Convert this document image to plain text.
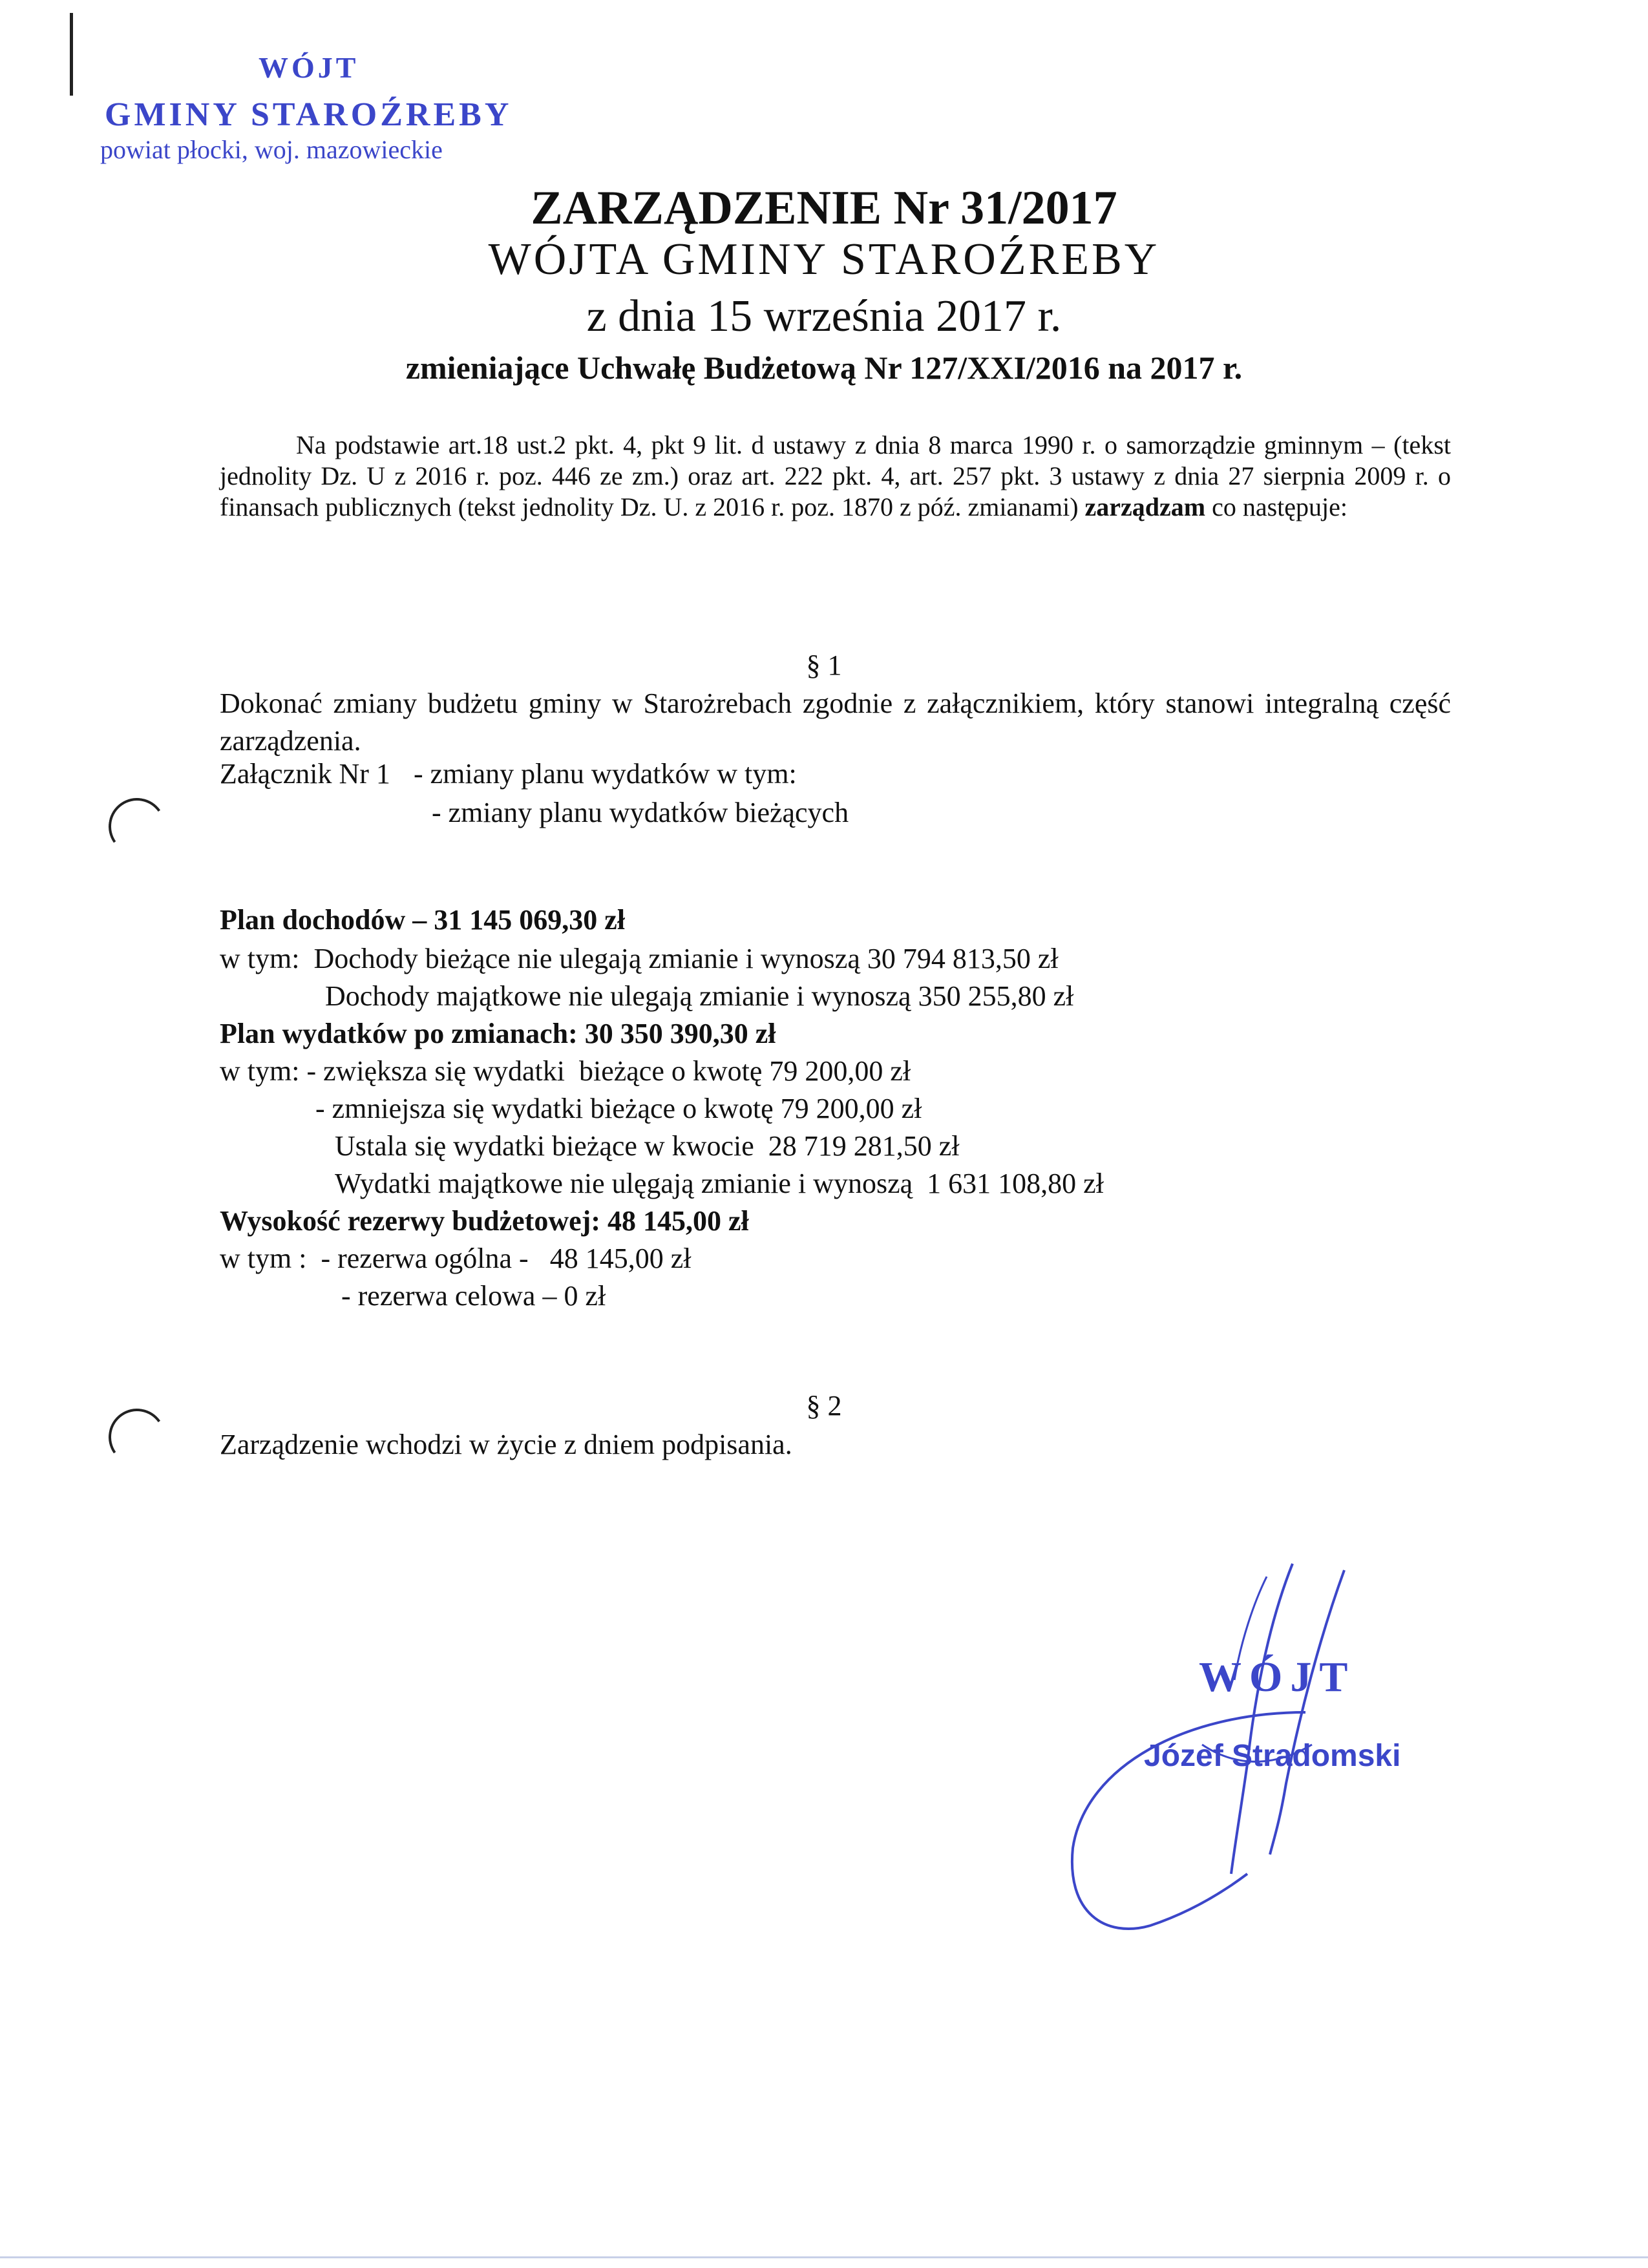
WÓJT
GMINY STAROŹREBY
powiat płocki, woj. mazowieckie
ZARZĄDZENIE Nr 31/2017
WÓJTA GMINY STAROŹREBY
z dnia 15 września 2017 r.
zmieniające Uchwałę Budżetową Nr 127/XXI/2016 na 2017 r.

Na podstawie art.18 ust.2 pkt. 4, pkt 9 lit. d ustawy z dnia 8 marca 1990 r. o samorządzie gminnym – (tekst jednolity Dz. U z 2016 r. poz. 446 ze zm.) oraz art. 222 pkt. 4, art. 257 pkt. 3 ustawy z dnia 27 sierpnia 2009 r. o finansach publicznych (tekst jednolity Dz. U. z 2016 r. poz. 1870 z póź. zmianami) zarządzam co następuje:

§ 1

Dokonać zmiany budżetu gminy w Starożrebach zgodnie z załącznikiem, który stanowi integralną część zarządzenia.

Załącznik Nr 1 - zmiany planu wydatków w tym:
- zmiany planu wydatków bieżących
Plan dochodów – 31 145 069,30 zł
w tym:  Dochody bieżące nie ulegają zmianie i wynoszą 30 794 813,50 zł
Dochody majątkowe nie ulegają zmianie i wynoszą 350 255,80 zł
Plan wydatków po zmianach: 30 350 390,30 zł
w tym: - zwiększa się wydatki  bieżące o kwotę 79 200,00 zł
- zmniejsza się wydatki bieżące o kwotę 79 200,00 zł
Ustala się wydatki bieżące w kwocie  28 719 281,50 zł
Wydatki majątkowe nie ulęgają zmianie i wynoszą  1 631 108,80 zł
Wysokość rezerwy budżetowej: 48 145,00 zł
w tym :  - rezerwa ogólna -   48 145,00 zł
- rezerwa celowa – 0 zł
§ 2
Zarządzenie wchodzi w życie z dniem podpisania.
WÓJT
Józef Stradomski
